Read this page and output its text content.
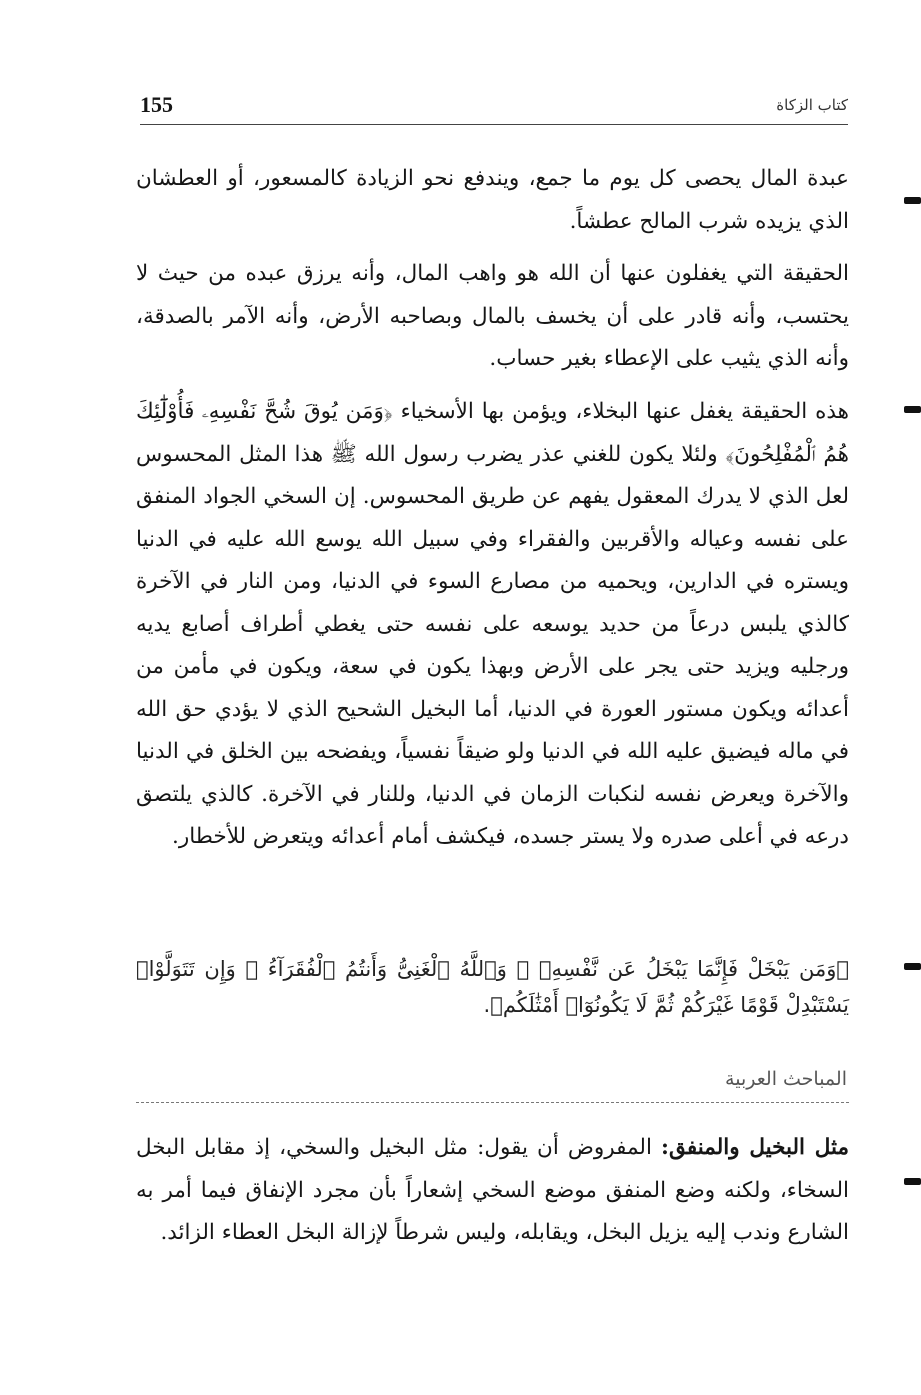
155	كتاب الزكاة

عبدة المال يحصى كل يوم ما جمع، ويندفع نحو الزيادة كالمسعور، أو العطشان الذي يزيده شرب المالح عطشاً.

الحقيقة التي يغفلون عنها أن الله هو واهب المال، وأنه يرزق عبده من حيث لا يحتسب، وأنه قادر على أن يخسف بالمال وبصاحبه الأرض، وأنه الآمر بالصدقة، وأنه الذي يثيب على الإعطاء بغير حساب.

هذه الحقيقة يغفل عنها البخلاء، ويؤمن بها الأسخياء ﴿وَمَن يُوقَ شُحَّ نَفْسِهِۦ فَأُوْلَٰٓئِكَ هُمُ ٱلْمُفْلِحُونَ﴾ ولئلا يكون للغني عذر يضرب رسول الله ﷺ هذا المثل المحسوس لعل الذي لا يدرك المعقول يفهم عن طريق المحسوس. إن السخي الجواد المنفق على نفسه وعياله والأقربين والفقراء وفي سبيل الله يوسع الله عليه في الدنيا ويستره في الدارين، ويحميه من مصارع السوء في الدنيا، ومن النار في الآخرة كالذي يلبس درعاً من حديد يوسعه على نفسه حتى يغطي أطراف أصابع يديه ورجليه ويزيد حتى يجر على الأرض وبهذا يكون في سعة، ويكون في مأمن من أعدائه ويكون مستور العورة في الدنيا، أما البخيل الشحيح الذي لا يؤدي حق الله في ماله فيضيق عليه الله في الدنيا ولو ضيقاً نفسياً، ويفضحه بين الخلق في الدنيا والآخرة ويعرض نفسه لنكبات الزمان في الدنيا، وللنار في الآخرة. كالذي يلتصق درعه في أعلى صدره ولا يستر جسده، فيكشف أمام أعدائه ويتعرض للأخطار.

﴿وَمَن يَبْخَلْ فَإِنَّمَا يَبْخَلُ عَن نَّفْسِهِۦ ۚ وَٱللَّهُ ٱلْغَنِىُّ وَأَنتُمُ ٱلْفُقَرَآءُ ۚ وَإِن تَتَوَلَّوْا۟ يَسْتَبْدِلْ قَوْمًا غَيْرَكُمْ ثُمَّ لَا يَكُونُوٓا۟ أَمْثَٰلَكُم﴾.

المباحث العربية

مثل البخيل والمنفق: المفروض أن يقول: مثل البخيل والسخي، إذ مقابل البخل السخاء، ولكنه وضع المنفق موضع السخي إشعاراً بأن مجرد الإنفاق فيما أمر به الشارع وندب إليه يزيل البخل، ويقابله، وليس شرطاً لإزالة البخل العطاء الزائد.
